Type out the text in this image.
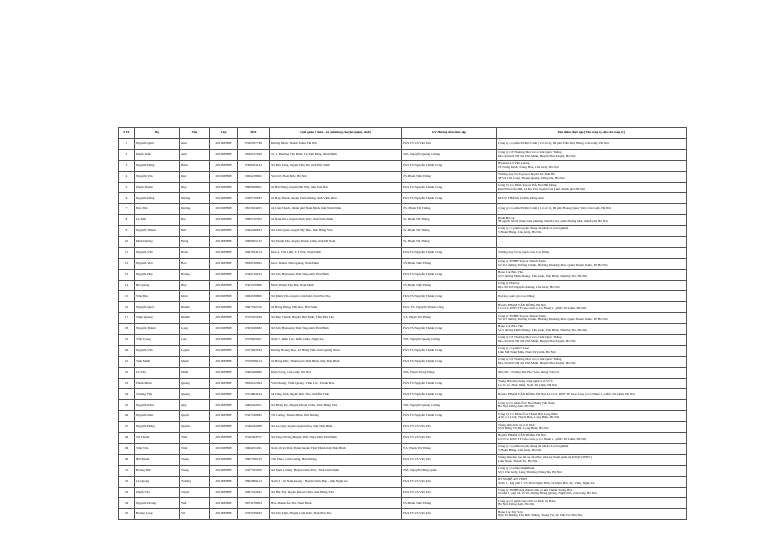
STT	Họ	Tên	Lớp	SĐT	Quê quán ( thôn , xã /phường), huyện/quận), tỉnh)	GV Hướng dẫn thực tập	Địa điểm thực tập [Tên công ty, địa chỉ công ty]
1	Nguyễn Quốc	Anh	2013DHNH	0329767748	Đường Định, Thanh Xuân, Hà Nội	PGS.TS Vũ Văn Tấn	Công ty cổ phần EURO CAR ( Cơ sở 2), 69 phố Trần Duy Hưng, Cầu Giấy, Hà Nội
2	Phạm Tuấn	Anh	2013DHNH	0836217640	Tổ 1, Phường Tân Bình, Tp.Tam Điệp, Ninh Bình	ThS. Nguyễn Quang Cường	Công ty CP Thương Mại và Cơ khí Quốc Thắng
Địa chỉ mới: Hà nội Phố Minh, Huyện Phú Xuyên, Hà Nội
3	Nguyễn Đăng	Bách	2013DHNH	0398434144	Xã Phù Lãng, huyện Tiên Du, tỉnh Bắc Ninh	PGS.TS Nguyễn Thành Công	Hyundai Lê Văn Lương
16 Trung Kính, Trung Hòa, Cầu Giấy, Hà Nội
4	Nguyễn Văn	Duy	2013DHNH	0964218902	Yên Sở, Hoài Đức, Hà Nội	TS.Phạm Tiến Thắng	Trường dạy lái Toyota-Chuyên Xe Thái Hà
38 Vũ Tôn Long, Thanh Quang, Đống Đa, Hà Nội
5	Phạm Thanh	Duy	2013DHNH	0869658091	xã Hải Đồng, huyện Hải Yên, tỉnh Yên Bái	PGS.TS Nguyễn Thành Công	Công Ty Cổ Phần Toyota HÀ Nội Hải Đồng
Km2 Phố Cầu Hải, xã Đa Tốn, huyện Gia Lâm, thành phố Hà Nội
6	Nguyễn Đăng	Dương	2013DHNH	0326716583	xã Hợp Thịnh, huyện Tam Dương, tỉnh Vĩnh Phúc	PGS.TS Nguyễn Thành Công	ĐLUC THĂNG LONG Đông Anh
7	Đào Thế	Dương	2013DHNH	0815634205	xã Cẩm Thạch, thành phố Nam Định, tỉnh Nam Định	TS. Phạm Tất Thắng	Công ty cổ phần EURO CAR ( Cơ sở 1), 69 phố Hoàng Quốc Việt, Cầu Giấy, Hà Nội
8	Lê Tiến	Đạt	2013DHNH	0986742303	xã Nam Hoa, huyện Nam Trực, tỉnh Nam Định	Ts. Phạm Tất Thắng	Hanh Hà car
38 ngách 32/34 thuộc khu phường Thanh Lưu, quận Hoàng Mai, thành phố Hà Nội
9	Nguyễn Thành	Đức	2013DHNH	0364346854	Xã Lâm Quan, huyện Mỹ Hào, tỉnh Hưng Yên	Ts. Phạm Tất Thắng	Công ty cổ phần truyền thông đa kênh và trải nghiệm
3 Phạm Hùng, Cầu Giấy, Hà Nội
10	Đinh Dương	Đông	2013DHNH	0969655132	Xã Thanh Tân, huyện Thanh Liêm, tỉnh Hà Nam	Ts. Phạm Tất Thắng	
11	Nguyễn Văn	Hoàn	2013DHNH	0967654214	Khu 2, Văn Lâm, T.T Yên, Nam Định	PGS.TS Nguyễn Thành Công	Trường dạy lái xe Quốc Gia Cao Đẳng
12	Nguyễn Việt	Hòa	2013DHNH	0838516665	Giao Thành, Nhà Quang, Nam Định	TS.Phạm Tiến Thắng	Công ty TNHH Toyota Thanh Xuân
Số 315 đường Trường Chinh, Phường Khương Mai, Quận Thanh Xuân, TP Hà Nội
13	Nguyễn Huy	Hoàng	2013DHNH	0349718433	Xã Sơn Hà,huyện Thái Thụy,tỉnh Thái Bình	PGS.TS Nguyễn Thành Công	Hana Car Bảo Vận
Số 5 đường Đinh Phúng, Yên Giáp, Yên Bình, Thường Tín, Hà Nội
14	Bế Quang	Huy	2013DHNH	0363376896	Đình Thành Yên Bảo Nam Định	TS.Phạm Tiến Thắng	Công ty Honavy
Địa chỉ 323 Nguyễn Khang, Cầu Giấy, Hà Nội
15	Trần Bảo	Khôi	2013DHNH	0964538809	Xã Minh Tân, huyện Cẩm Khê, tỉnh Phú Thọ	PGS.TS Nguyễn Thành Công	Đại học quốc gia Cao Đẳng
16	Nguyễn Quốc	Khánh	2013DHNH	0967542316	xã Hồng Hưng, Hải Dục, Hải Ninh	PGS. TS. Nguyễn Thành Công	Honda PHẠM VĂN ĐỒNG Hà Nội
Lô CC2, KĐT TP Giao Lưu, p.Cổ Nhuế 1, q.Bắc Từ Liêm, Hà Nội
17	Triệu Quang	Khiêm	2013DHNH	0379325636	Xã Đào Thanh, Huyện Phú Ninh, Tỉnh Phú Thọ	T.S. Phạm Tất Thắng	Công ty TNHH Toyota Thanh Xuân
Số 315 đường Trường Chinh, Phường Khương Mai, Quận Thanh Xuân, TP Hà Nội
18	Nguyễn Thành	Long	2013DHNH	0393106082	Xã Sơn Hà,huyện Thái Thụy,tỉnh Thái Bình	PGS.TS Nguyễn Thành Công	Hana Car Bảo Vận
Số 5 đường Đinh Phúng, Yên Giáp, Yên Bình, Thường Tín, Hà Nội
19	Trần Trọng	Lưu	2013DHNH	0378622461	Xóm 7, Diễn Lộc, Diễn Châu, Nghệ An	ThS. Nguyễn Quang Cường	Công ty CP Thương Mại và Cơ khí Quốc Thắng
Địa chỉ mới: Hà nội Phố Minh, Huyện Phú Xuyên, Hà Nội
20	Nguyễn Văn	Luyện	2013DHNH	0375943764	Đường Hoàng Đạo, xã Hồng Tiến, tỉnh Quảng Ninh	PGS.TS Nguyễn Thành Công	Công ty cổ phần CLuso
Liền Mễ Tùng Mậu, Nam Từ Liêm, Hà Nội
21	Trần Minh	Mạnh	2013DHNH	0379938214	xã Hồng Đức, Thành phố Thái Bình, tỉnh Thái Bình	PGS.TS Nguyễn Thành Công	Công ty CP Thương Mại và Cơ khí Quốc Thắng
Địa chỉ mới: Hà nội Phố Minh, Huyện Phú Xuyên, Hà Nội
22	Lê Văn	Minh	2013DHNH	0366449680	Kiến Vọng, Cầu Giấy, Hà Nội	ThS. Phạm Trung Dũng	Nhà 6D - Trường Đại Học Giao thông Vận tải
23	Phạm Minh	Quang	2013DHNH	0839412364	Văn Hoàng, Vĩnh Quang, Vĩnh Lộc, Thanh Hóa	PGS.TS Nguyễn Thành Công	Trung tâm ứng dụng công nghệ ô tô VCS
Lô J1-12, Phúc Diễn, Nam Từ Liêm, Hà Nội
24	Trương Văn	Quang	2013DHNH	0374864434	xã Tùng Ảnh, huyện Đức Thọ, tỉnh Hà Tĩnh	PGS.TS Nguyễn Thành Công	Honda PHẠM VĂN ĐỒNG Hà Nội,Lô CC2, KĐT TP Giao Lưu, p.Cổ Nhuế 1, q.Bắc Từ Liêm, Hà Nội
25	Nguyễn Khắc	Quý	2013DHNH	0969432051	Xã Hồng Kỳ, Huyện Khoái Châu, Tỉnh Hưng Yên	ThS. Nguyễn Quang Cường	Công ty Cổ phần Ô tô Đại Hưng Việt Nam
Hà Nội, Đông Anh, Hà Nội
26	Nguyễn Như	Quyết	2013DHNH	0347528692	Tứ Cường, Thanh Miện, Hải Dương	PGS.TS Nguyễn Thành Công	Công Ty Cổ Phần Ô tô Thành Hải Long Biên
4/10, Cổ Linh, Thạch Bàn, Long Biên, Hà Nội
27	Nguyễn Hưng	Quỳnh	2013DHNH	0346245998	Xã An Quý, huyện Quỳnh Phụ, tỉnh Thái Bình	PGS.TS Vũ Văn Tấn	Trung tâm dịch vụ ô tô PAC
Số 8 Đặng Vũ Hỷ, Long Biên, Hà Nội
28	Vũ Thành	Thái	2013DHNH	0326304757	Xã Thụy Phong,Huyện Thái Thụy,Tỉnh Thái Bình	PGS.TS Vũ Văn Tấn	Honda PHẠM VĂN ĐỒNG Hà Nội
Lô CC2, KĐT TP Giao Lưu, p.Cổ Nhuế 1, q.Bắc Từ Liêm, Hà Nội
29	Trần Văn	Tình	2013DHNH	0964251291	Xóm 19 xã Thái Thịnh huyện Thái Thịnh tỉnh Thái Bình	T.S. Phạm Tất Thắng	Công ty cổ phần truyền thông đa kênh và trải nghiệm
3 Phạm Hùng, Cầu Giấy, Hà Nội
30	Bùi Mạnh	Trung	2013DHNH	0967528159	Tân Phúc, Cẩm Giàng, Hải Dương	PGS.TS Vũ Văn Tấn	Trung tâm đào tạo lái xe của Học viện kỹ thuật quân sự KTQS (SHTC)
Liên Ninh, Thanh Trì, Hà Nội
31	Hoàng Đức	Trung	2013DHNH	0327335956	Xã Nam Cường, Huyện Nam Trực, Tỉnh Nam Định	ThS. Nguyễn Hồng Quân	Công ty cổ phần DinhHanh
Số 5 Cầu Giấy, Láng Thượng, Đống Đa, Hà Nội
32	Lê Quang	Trường	2013DHNH	0862909414	Xóm 3 - xã Nam Giang - Huyện Nam Đàn - tỉnh Nghệ An	PGS.TS Vũ Văn Tấn	KT NGHỆ AN VINH
Xóm 1 - Mỹ phố 1 VS Tỉnh Nghệ Tĩnh, xã Nghi Phú, Tp. Vinh, Nghệ An
33	Phạm Văn	Tuyên	2013DHNH	0967412641	Xã Hải Tây, huyện Khoái Châu, tỉnh Hưng Yên	PGS.TS Vũ Văn Tấn	Công ty TNHH một thành viên cơ khí Thành Trung Hoá
Số nhà 1, ngõ 16, số 29, đường Hồng Quang, Nghĩa Đô, Cầu Giấy, Hà Nội
34	Nguyễn Hoàng	Việt	2013DHNH	0873278003	Hoà Thành,Ân Thi, Nam Định	TS.Phạm Tiến Thắng	Công ty Cổ phần Giao lưu và Dịch vụ HAC
Hà Nội, Đông Anh, Hà Nội
35	Hoàng Long	Vũ	2013DHNH	0765539043	Xã Sơn Tịnh, Huyện Cẩm Khê, Tỉnh Phú Thọ	PGS.TS Vũ Văn Tấn	Hana Car Tây Sơn
Ngõ 79 Đường Tôn Đức Thắng, Trung Tự, Tp Việt Trì, Phú Thọ
